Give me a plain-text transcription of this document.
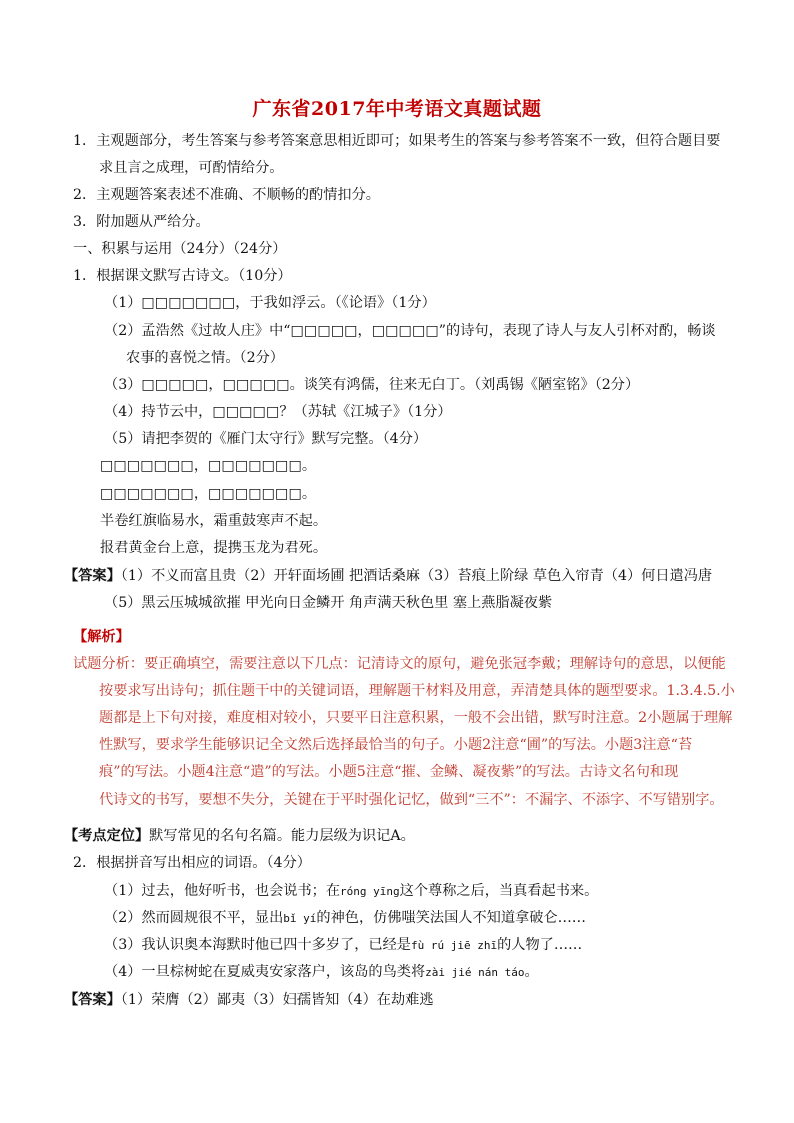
广东省2017年中考语文真题试题
1．主观题部分，考生答案与参考答案意思相近即可；如果考生的答案与参考答案不一致，但符合题目要
求且言之成理，可酌情给分。
2．主观题答案表述不准确、不顺畅的酌情扣分。
3．附加题从严给分。
一、积累与运用（24分）（24分）
1．根据课文默写古诗文。（10分）
（1）□□□□□□□，于我如浮云。（《论语》（1分）
（2）孟浩然《过故人庄》中“□□□□□，□□□□□”的诗句，表现了诗人与友人引杯对酌，畅谈
农事的喜悦之情。（2分）
（3）□□□□□，□□□□□。谈笑有鸿儒，往来无白丁。（刘禹锡《陋室铭》（2分）
（4）持节云中，□□□□□？（苏轼《江城子》（1分）
（5）请把李贺的《雁门太守行》默写完整。（4分）
□□□□□□□，□□□□□□□。
□□□□□□□，□□□□□□□。
半卷红旗临易水，霜重鼓寒声不起。
报君黄金台上意，提携玉龙为君死。
【答案】（1）不义而富且贵（2）开轩面场圃 把酒话桑麻（3）苔痕上阶绿 草色入帘青（4）何日遣冯唐
（5）黑云压城城欲摧 甲光向日金鳞开 角声满天秋色里 塞上燕脂凝夜紫
【解析】
试题分析：要正确填空，需要注意以下几点：记清诗文的原句，避免张冠李戴；理解诗句的意思，以便能
按要求写出诗句；抓住题干中的关键词语，理解题干材料及用意，弄清楚具体的题型要求。1.3.4.5.小
题都是上下句对接，难度相对较小，只要平日注意积累，一般不会出错，默写时注意。2小题属于理解
性默写，要求学生能够识记全文然后选择最恰当的句子。小题2注意“圃”的写法。小题3注意“苔
痕”的写法。小题4注意“遣”的写法。小题5注意“摧、金鳞、凝夜紫”的写法。古诗文名句和现
代诗文的书写，要想不失分，关键在于平时强化记忆，做到“三不”：不漏字、不添字、不写错别字。
【考点定位】默写常见的名句名篇。能力层级为识记A。
2．根据拼音写出相应的词语。（4分）
（1）过去，他好听书，也会说书；在róng yīng这个尊称之后，当真看起书来。
（2）然而圆规很不平，显出bǐ yí的神色，仿佛嗤笑法国人不知道拿破仑……
（3）我认识奥本海默时他已四十多岁了，已经是fù rú jiē zhī的人物了……
（4）一旦棕树蛇在夏威夷安家落户，该岛的鸟类将zài jié nán táo。
【答案】（1）荣膺（2）鄙夷（3）妇孺皆知（4）在劫难逃
